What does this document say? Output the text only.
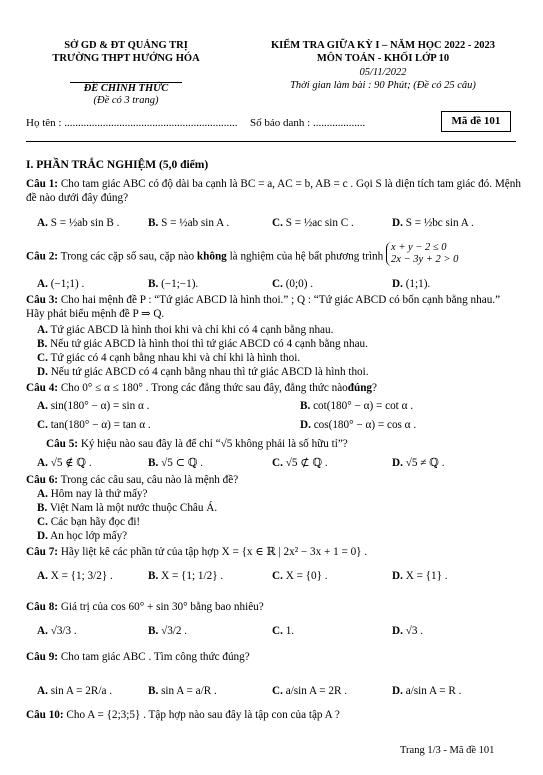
SỞ GD & ĐT QUẢNG TRỊ
TRƯỜNG THPT HƯỚNG HÓA
ĐỀ CHÍNH THỨC
(Đề có 3 trang)
KIỂM TRA GIỮA KỲ I – NĂM HỌC 2022 - 2023
MÔN TOÁN - KHỐI LỚP 10
05/11/2022
Thời gian làm bài : 90 Phút; (Đề có 25 câu)
Họ tên : ............................................................... Số báo danh : ...................	Mã đề 101
I. PHẦN TRẮC NGHIỆM (5,0 điểm)
Câu 1: Cho tam giác ABC có độ dài ba cạnh là BC = a, AC = b, AB = c . Gọi S là diện tích tam giác đó. Mệnh đề nào dưới đây đúng?
A. S = ½ab sin B .	B. S = ½ab sin A .	C. S = ½ac sin C .	D. S = ½bc sin A .
Câu 2: Trong các cặp số sau, cặp nào không là nghiệm của hệ bất phương trình x + y − 2 ≤ 0
2x − 3y + 2 > 0
A. (−1;1) .	B. (−1;−1).	C. (0;0) .	D. (1;1).
Câu 3: Cho hai mệnh đề P : “Tứ giác ABCD là hình thoi.” ; Q : “Tứ giác ABCD có bốn cạnh bằng nhau.” Hãy phát biểu mệnh đề P ⇒ Q.
A. Tứ giác ABCD là hình thoi khi và chỉ khi có 4 cạnh bằng nhau.
B. Nếu tứ giác ABCD là hình thoi thì tứ giác ABCD có 4 cạnh bằng nhau.
C. Tứ giác có 4 cạnh bằng nhau khi và chỉ khi là hình thoi.
D. Nếu tứ giác ABCD có 4 cạnh bằng nhau thì tứ giác ABCD là hình thoi.
Câu 4: Cho 0° ≤ α ≤ 180° . Trong các đẳng thức sau đây, đẳng thức nàođúng?
A. sin(180° − α) = sin α .	B. cot(180° − α) = cot α .
C. tan(180° − α) = tan α .	D. cos(180° − α) = cos α .
Câu 5: Ký hiệu nào sau đây là để chỉ “√5 không phải là số hữu tỉ”?
A. √5 ∉ ℚ .	B. √5 ⊂ ℚ .	C. √5 ⊄ ℚ .	D. √5 ≠ ℚ .
Câu 6: Trong các câu sau, câu nào là mệnh đề?
A. Hôm nay là thứ mấy?
B. Việt Nam là một nước thuộc Châu Á.
C. Các bạn hãy đọc đi!
D. An học lớp mấy?
Câu 7: Hãy liệt kê các phần tử của tập hợp X = {x ∈ ℝ | 2x² − 3x + 1 = 0} .
A. X = {1; 3/2} .	B. X = {1; 1/2} .	C. X = {0} .	D. X = {1} .
Câu 8: Giá trị của cos 60° + sin 30° bằng bao nhiêu?
A. √3/3 .	B. √3/2 .	C. 1.	D. √3 .
Câu 9: Cho tam giác ABC . Tìm công thức đúng?
A. sin A = 2R/a .	B. sin A = a/R .	C. a/sin A = 2R .	D. a/sin A = R .
Câu 10: Cho A = {2;3;5} . Tập hợp nào sau đây là tập con của tập A ?
Trang 1/3 - Mã đề 101
